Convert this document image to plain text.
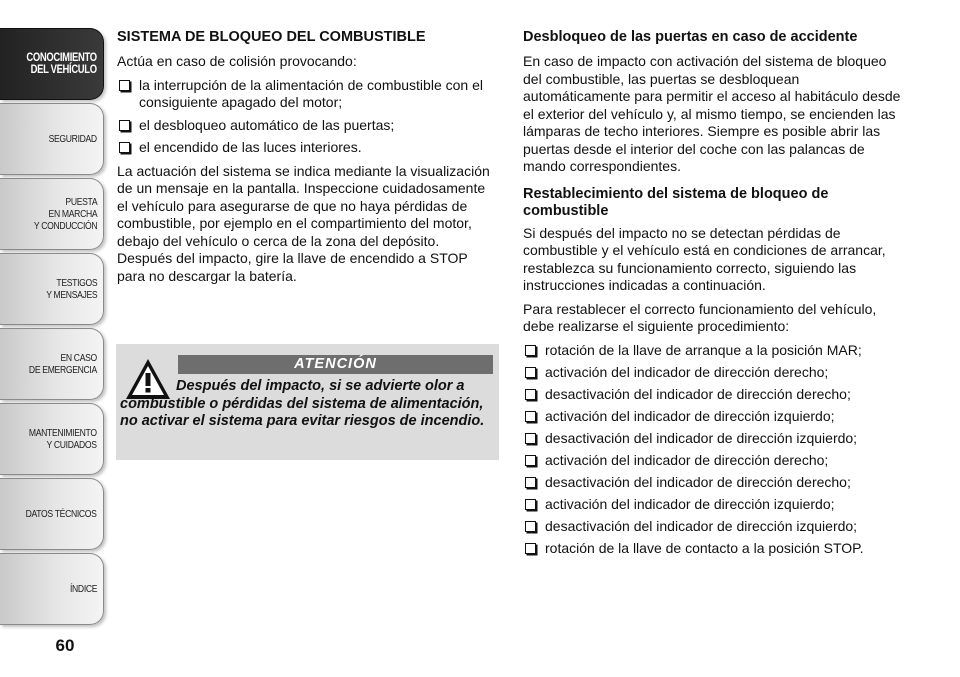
CONOCIMIENTO
DEL VEHÍCULO
SEGURIDAD
PUESTA
EN MARCHA
Y CONDUCCIÓN
TESTIGOS
Y MENSAJES
EN CASO
DE EMERGENCIA
MANTENIMIENTO
Y CUIDADOS
DATOS TÉCNICOS
ÍNDICE
60
SISTEMA DE BLOQUEO DEL COMBUSTIBLE

Actúa en caso de colisión provocando:

la interrupción de la alimentación de combustible con el consiguiente apagado del motor;
el desbloqueo automático de las puertas;
el encendido de las luces interiores.

La actuación del sistema se indica mediante la visualización de un mensaje en la pantalla. Inspeccione cuidadosamente el vehículo para asegurarse de que no haya pérdidas de combustible, por ejemplo en el compartimiento del motor, debajo del vehículo o cerca de la zona del depósito. Después del impacto, gire la llave de encendido a STOP para no descargar la batería.

ATENCIÓN
Después del impacto, si se advierte olor a combustible o pérdidas del sistema de alimentación, no activar el sistema para evitar riesgos de incendio.
Desbloqueo de las puertas en caso de accidente

En caso de impacto con activación del sistema de bloqueo del combustible, las puertas se desbloquean automáticamente para permitir el acceso al habitáculo desde el exterior del vehículo y, al mismo tiempo, se encienden las lámparas de techo interiores. Siempre es posible abrir las puertas desde el interior del coche con las palancas de mando correspondientes.

Restablecimiento del sistema de bloqueo de combustible

Si después del impacto no se detectan pérdidas de combustible y el vehículo está en condiciones de arrancar, restablezca su funcionamiento correcto, siguiendo las instrucciones indicadas a continuación.

Para restablecer el correcto funcionamiento del vehículo, debe realizarse el siguiente procedimiento:

rotación de la llave de arranque a la posición MAR;
activación del indicador de dirección derecho;
desactivación del indicador de dirección derecho;
activación del indicador de dirección izquierdo;
desactivación del indicador de dirección izquierdo;
activación del indicador de dirección derecho;
desactivación del indicador de dirección derecho;
activación del indicador de dirección izquierdo;
desactivación del indicador de dirección izquierdo;
rotación de la llave de contacto a la posición STOP.
